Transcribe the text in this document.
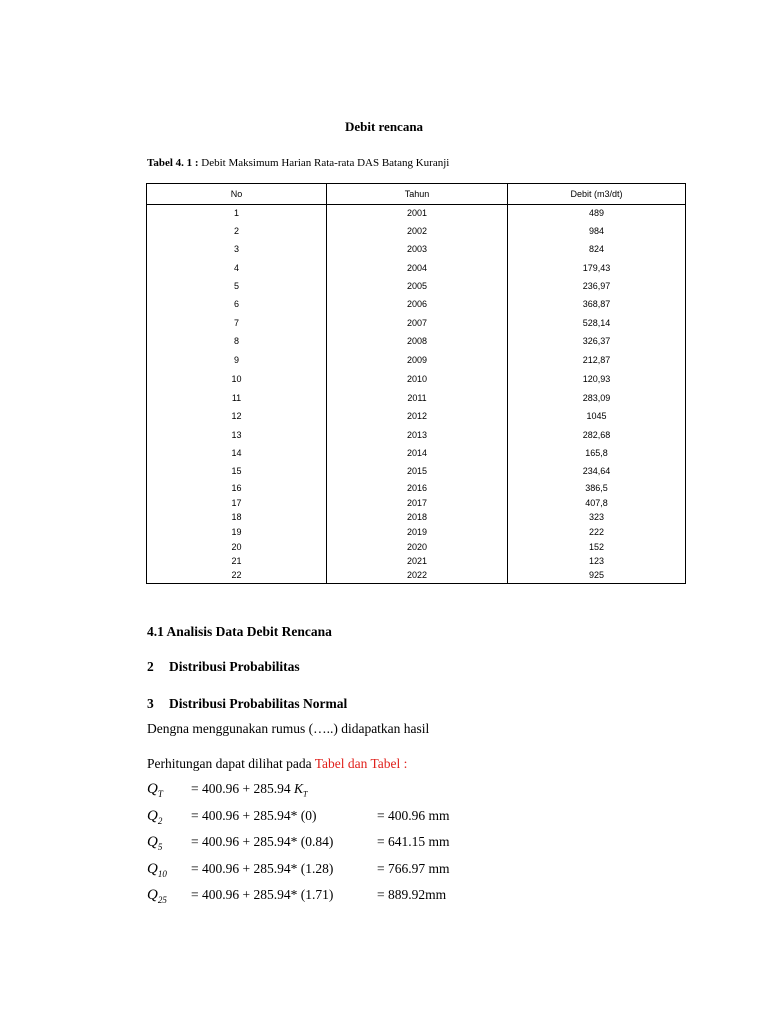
Debit rencana
Tabel 4. 1 : Debit Maksimum Harian Rata-rata DAS Batang Kuranji
No	Tahun	Debit (m3/dt)
1	2001	489
2	2002	984
3	2003	824
4	2004	179,43
5	2005	236,97
6	2006	368,87
7	2007	528,14
8	2008	326,37
9	2009	212,87
10	2010	120,93
11	2011	283,09
12	2012	1045
13	2013	282,68
14	2014	165,8
15	2015	234,64
16	2016	386,5
17	2017	407,8
18	2018	323
19	2019	222
20	2020	152
21	2021	123
22	2022	925
4.1 Analisis Data Debit Rencana
2 Distribusi Probabilitas
3 Distribusi Probabilitas Normal
Dengna menggunakan rumus (…..) didapatkan hasil
Perhitungan dapat dilihat pada Tabel dan Tabel :
$Q_T = 400.96 + 285.94$ $K_T$
$Q_2 = 400.96 + 285.94*$ (0)	= 400.96 mm
$Q_5 = 400.96 + 285.94*$ (0.84)	= 641.15 mm
$Q_{10} = 400.96 + 285.94*$ (1.28)	= 766.97 mm
$Q_{25} = 400.96 + 285.94*$ (1.71)	= 889.92mm
